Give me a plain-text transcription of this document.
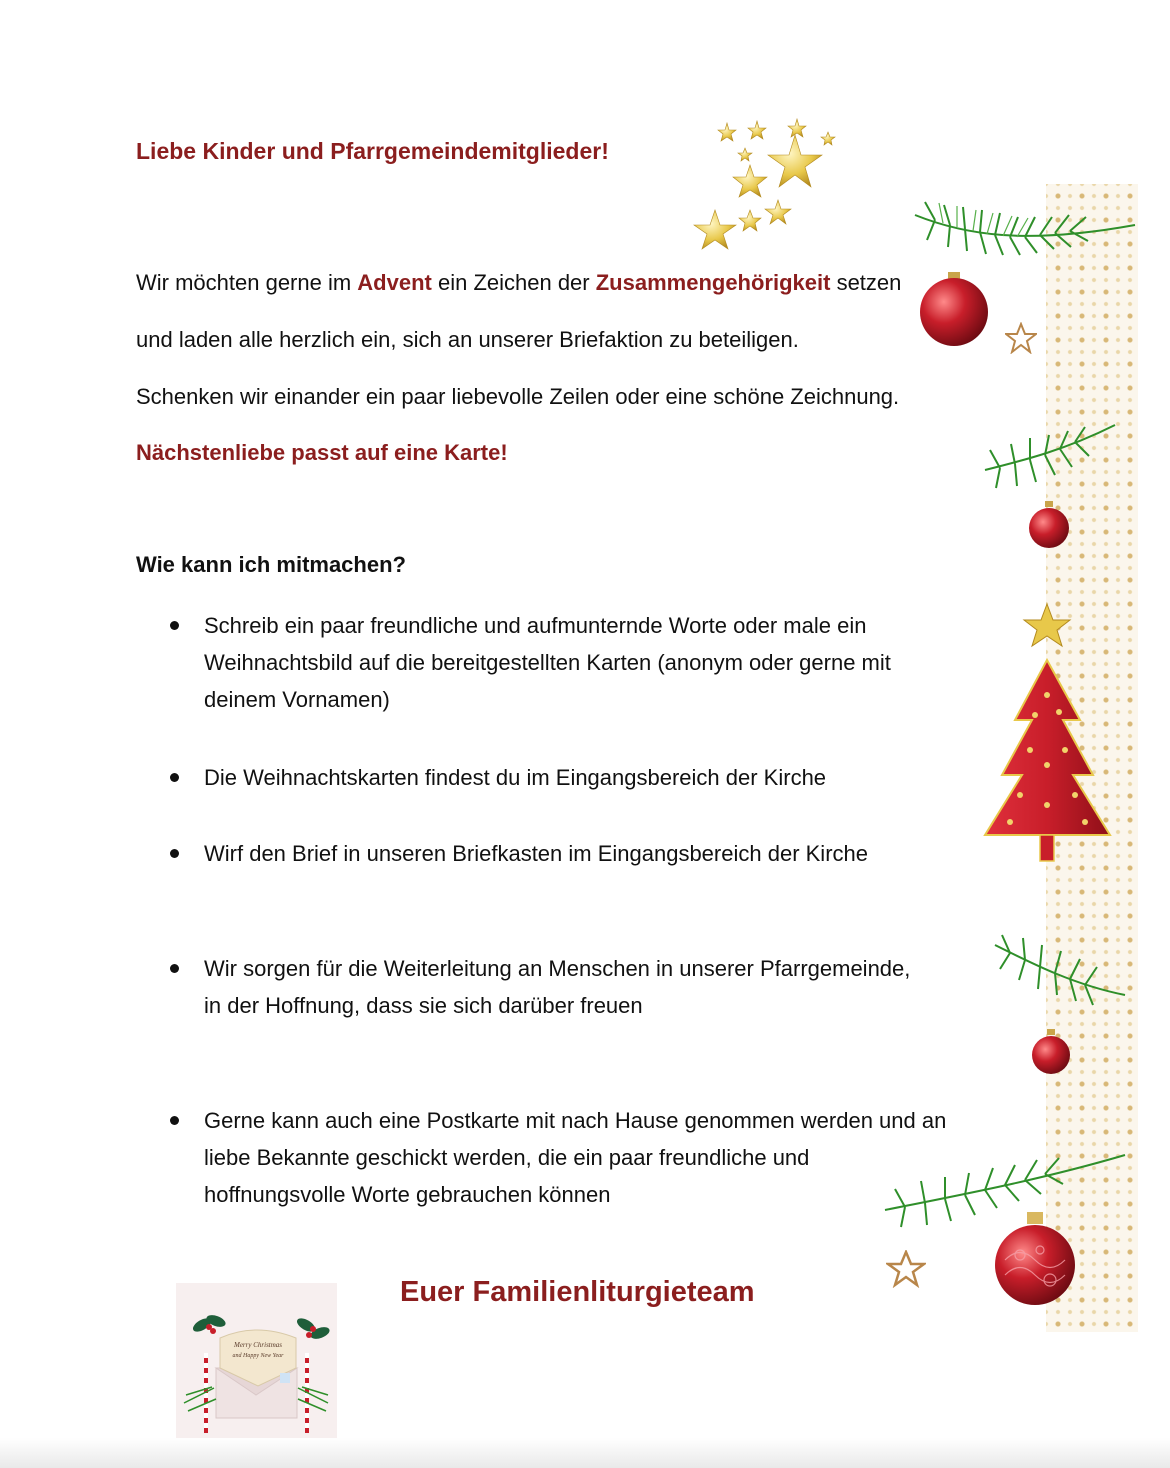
Liebe Kinder und Pfarrgemeindemitglieder!
Wir möchten gerne im Advent ein Zeichen der Zusammengehörigkeit setzen
und laden alle herzlich ein, sich an unserer Briefaktion zu beteiligen.
Schenken wir einander ein paar liebevolle Zeilen oder eine schöne Zeichnung.
Nächstenliebe passt auf eine Karte!
Wie kann ich mitmachen?
Schreib ein paar freundliche und aufmunternde Worte oder male ein
Weihnachtsbild auf die bereitgestellten Karten (anonym oder gerne mit
deinem Vornamen)
Die Weihnachtskarten findest du im Eingangsbereich der Kirche
Wirf den Brief in unseren Briefkasten im Eingangsbereich der Kirche
Wir sorgen für die Weiterleitung an Menschen in unserer Pfarrgemeinde,
in der Hoffnung, dass sie sich darüber freuen
Gerne kann auch eine Postkarte mit nach Hause genommen werden und an
liebe Bekannte geschickt werden, die ein paar freundliche und
hoffnungsvolle Worte gebrauchen können
Euer Familienliturgieteam
Merry Christmas
and Happy New Year
